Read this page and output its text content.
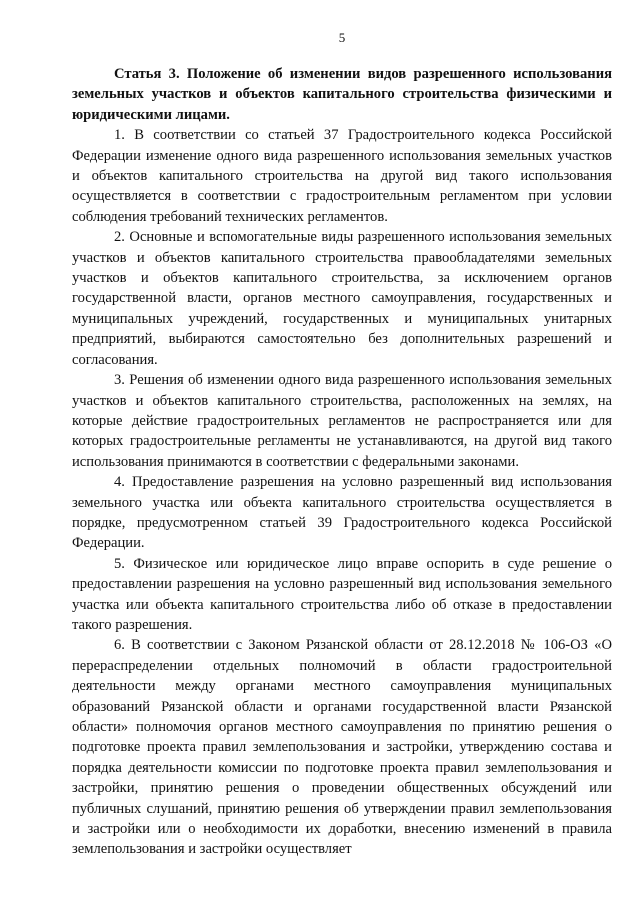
5

Статья 3. Положение об изменении видов разрешенного использования земельных участков и объектов капитального строительства физическими и юридическими лицами.

1. В соответствии со статьей 37 Градостроительного кодекса Российской Федерации изменение одного вида разрешенного использования земельных участков и объектов капитального строительства на другой вид такого использования осуществляется в соответствии с градостроительным регламентом при условии соблюдения требований технических регламентов.

2. Основные и вспомогательные виды разрешенного использования земельных участков и объектов капитального строительства правообладателями земельных участков и объектов капитального строительства, за исключением органов государственной власти, органов местного самоуправления, государственных и муниципальных учреждений, государственных и муниципальных унитарных предприятий, выбираются самостоятельно без дополнительных разрешений и согласования.

3. Решения об изменении одного вида разрешенного использования земельных участков и объектов капитального строительства, расположенных на землях, на которые действие градостроительных регламентов не распространяется или для которых градостроительные регламенты не устанавливаются, на другой вид такого использования принимаются в соответствии с федеральными законами.

4. Предоставление разрешения на условно разрешенный вид использования земельного участка или объекта капитального строительства осуществляется в порядке, предусмотренном статьей 39 Градостроительного кодекса Российской Федерации.

5. Физическое или юридическое лицо вправе оспорить в суде решение о предоставлении разрешения на условно разрешенный вид использования земельного участка или объекта капитального строительства либо об отказе в предоставлении такого разрешения.

6. В соответствии с Законом Рязанской области от 28.12.2018 № 106-ОЗ «О перераспределении отдельных полномочий в области градостроительной деятельности между органами местного самоуправления муниципальных образований Рязанской области и органами государственной власти Рязанской области» полномочия органов местного самоуправления по принятию решения о подготовке проекта правил землепользования и застройки, утверждению состава и порядка деятельности комиссии по подготовке проекта правил землепользования и застройки, принятию решения о проведении общественных обсуждений или публичных слушаний, принятию решения об утверждении правил землепользования и застройки или о необходимости их доработки, внесению изменений в правила землепользования и застройки осуществляет
